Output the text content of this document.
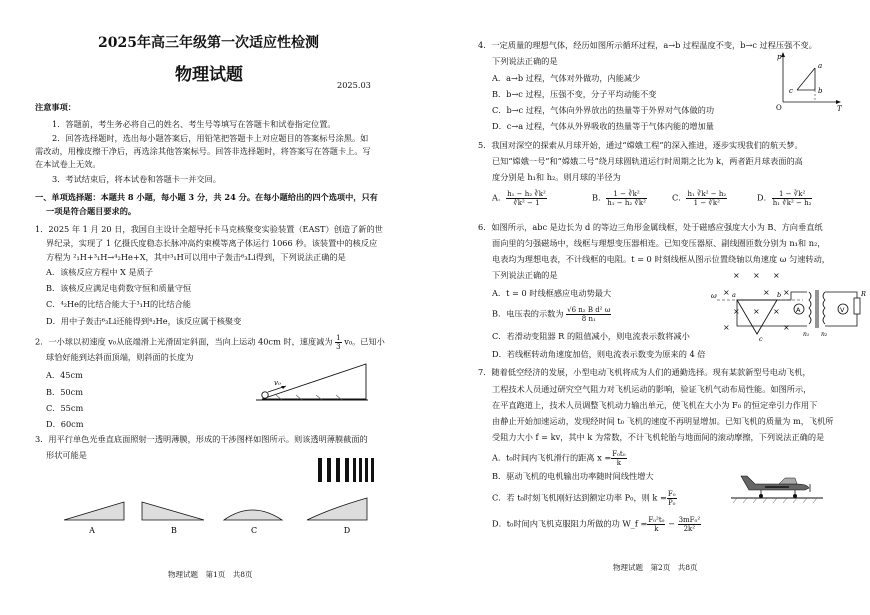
2025年高三年级第一次适应性检测
物理试题	2025.03
注意事项：
1．答题前，考生务必将自己的姓名、考生号等填写在答题卡和试卷指定位置。
2．回答选择题时，选出每小题答案后，用铅笔把答题卡上对应题目的答案标号涂黑。如
需改动，用橡皮擦干净后，再选涂其他答案标号。回答非选择题时，将答案写在答题卡上。写
在本试卷上无效。
3．考试结束后，将本试卷和答题卡一并交回。
一、单项选择题：本题共 8 小题，每小题 3 分，共 24 分。在每小题给出的四个选项中，只有
一项是符合题目要求的。
1．2025 年 1 月 20 日，我国自主设计全超导托卡马克核聚变实验装置（EAST）创造了新的世
界纪录，实现了 1 亿摄氏度稳态长脉冲高约束模等离子体运行 1066 秒。该装置中的核反应
方程为 ²₁H+³₁H→⁴₂He+X，其中³₁H可以用中子轰击⁶₃Li得到，下列说法正确的是
A．该核反应方程中 X 是质子
B．该核反应满足电荷数守恒和质量守恒
C．⁴₂He的比结合能大于³₁H的比结合能
D．用中子轰击⁶₃Li还能得到⁴₂He，该反应属于核聚变
2．一小球以初速度 v₀从底端滑上光滑固定斜面，当向上运动 40cm 时，速度减为 $\frac{1}{3} v_0$。已知小
球恰好能到达斜面顶端，则斜面的长度为
A．45cm
B．50cm
C．55cm
D．60cm
v₀
3．用平行单色光垂直底面照射一透明薄膜，形成的干涉图样如图所示。则该透明薄膜截面的
形状可能是
A	B	C	D
物理试题　第1页　共8页
4．一定质量的理想气体，经历如图所示循环过程，a→b 过程温度不变，b→c 过程压强不变。
下列说法正确的是
A．a→b 过程，气体对外做功，内能减少
B．b→c 过程，压强不变，分子平均动能不变
C．b→c 过程，气体向外界放出的热量等于外界对气体做的功
D．c→a 过程，气体从外界吸收的热量等于气体内能的增加量
p
T
O
a
b
c
5．我国对深空的探索从月球开始，通过“嫦娥工程”的深入推进，逐步实现我们的航天梦。
已知“嫦娥一号”和“嫦娥二号”绕月球圆轨道运行时周期之比为 k，两者距月球表面的高
度分别是 h₁和 h₂。则月球的半径为
A． $\frac{\text{h₁ − h₂ ∛k²}}{\text{∛k² − 1}}$	B． $\frac{\text{1 − ∛k²}}{\text{h₁ − h₂ ∛k²}}$	C． $\frac{\text{h₁ ∛k² − h₂}}{\text{1 − ∛k²}}$	D． $\frac{\text{1 − ∛k²}}{\text{h₁ ∛k² − h₂}}$
6．如图所示，abc 是边长为 d 的等边三角形金属线框，处于磁感应强度大小为 B、方向垂直纸
面向里的匀强磁场中，线框与理想变压器相连。已知变压器原、副线圈匝数分别为 n₁和 n₂，
电表均为理想电表，不计线框的电阻。t = 0 时刻线框从图示位置绕轴以角速度 ω 匀速转动，
下列说法正确的是
A．t = 0 时线框感应电动势最大
B．电压表的示数为 $\frac{\text{√6 n₂ B d² ω}}{\text{8 n₁}}$
C．若滑动变阻器 R 的阻值减小，则电流表示数将减小
D．若线框转动角速度加倍，则电流表示数变为原来的 4 倍
× × ×
×	× ×
× × ×
×	×
ω a	b
c
A
n₁ n₂
V
R
7．随着低空经济的发展，小型电动飞机将成为人们的通勤选择。现有某款新型号电动飞机，
工程技术人员通过研究空气阻力对飞机运动的影响，验证飞机气动布局性能。如图所示，
在平直跑道上，技术人员调整飞机动力输出单元，使飞机在大小为 F₀ 的恒定牵引力作用下
由静止开始加速运动，发现经时间 t₀ 飞机的速度不再明显增加。已知飞机的质量为 m，飞机所
受阻力大小 f = kv，其中 k 为常数，不计飞机轮胎与地面间的滚动摩擦，下列说法正确的是
A．t₀时间内飞机滑行的距离 $x = \frac{\text{F₀t₀}}{k}$
B．驱动飞机的电机输出功率随时间线性增大
C．若 t₀时刻飞机刚好达到额定功率 P₀，则 $k = \frac{\text{F₀}}{\text{P₀}}$
D．t₀时间内飞机克服阻力所做的功 W_f = $\frac{\text{F₀²t₀}}{k} - \frac{\text{3mF₀²}}{\text{2k²}}$
物理试题　第2页　共8页
